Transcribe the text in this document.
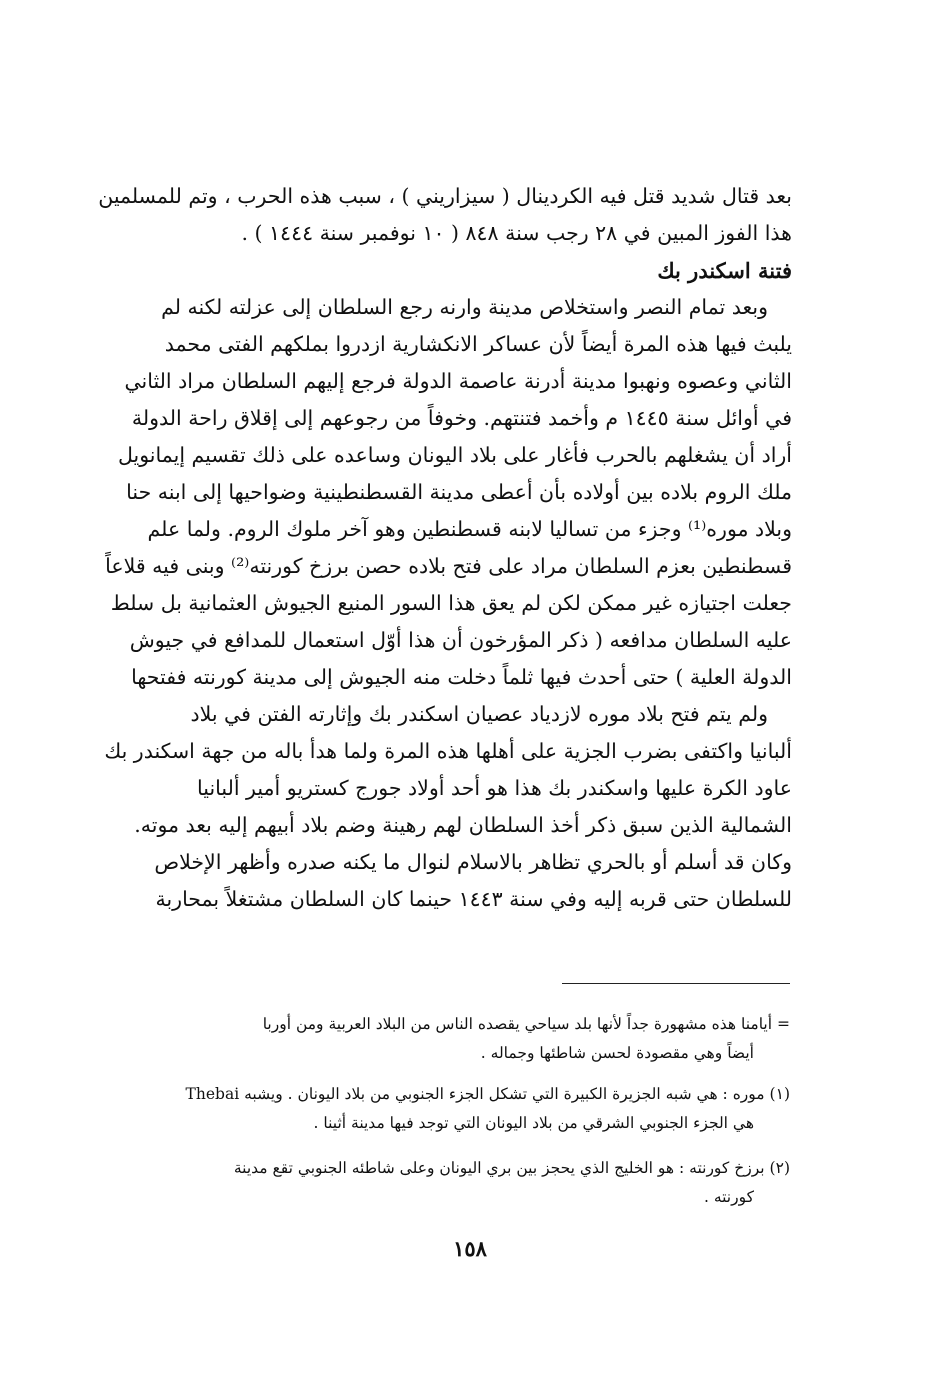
بعد قتال شديد قتل فيه الكردينال ( سيزاريني ) ، سبب هذه الحرب ، وتم للمسلمين
هذا الفوز المبين في ٢٨ رجب سنة ٨٤٨ ( ١٠ نوفمبر سنة ١٤٤٤ ) .
فتنة اسكندر بك
وبعد تمام النصر واستخلاص مدينة وارنه رجع السلطان إلى عزلته لكنه لم
يلبث فيها هذه المرة أيضاً لأن عساكر الانكشارية ازدروا بملكهم الفتى محمد
الثاني وعصوه ونهبوا مدينة أدرنة عاصمة الدولة فرجع إليهم السلطان مراد الثاني
في أوائل سنة ١٤٤٥ م وأخمد فتنتهم. وخوفاً من رجوعهم إلى إقلاق راحة الدولة
أراد أن يشغلهم بالحرب فأغار على بلاد اليونان وساعده على ذلك تقسيم إيمانويل
ملك الروم بلاده بين أولاده بأن أعطى مدينة القسطنطينية وضواحيها إلى ابنه حنا
وبلاد موره⁽¹⁾ وجزء من تساليا لابنه قسطنطين وهو آخر ملوك الروم. ولما علم
قسطنطين بعزم السلطان مراد على فتح بلاده حصن برزخ كورنته⁽²⁾ وبنى فيه قلاعاً
جعلت اجتيازه غير ممكن لكن لم يعق هذا السور المنيع الجيوش العثمانية بل سلط
عليه السلطان مدافعه ( ذكر المؤرخون أن هذا أوّل استعمال للمدافع في جيوش
الدولة العلية ) حتى أحدث فيها ثلماً دخلت منه الجيوش إلى مدينة كورنته ففتحها
ولم يتم فتح بلاد موره لازدياد عصيان اسكندر بك وإثارته الفتن في بلاد
ألبانيا واكتفى بضرب الجزية على أهلها هذه المرة ولما هدأ باله من جهة اسكندر بك
عاود الكرة عليها واسكندر بك هذا هو أحد أولاد جورج كستريو أمير ألبانيا
الشمالية الذين سبق ذكر أخذ السلطان لهم رهينة وضم بلاد أبيهم إليه بعد موته.
وكان قد أسلم أو بالحري تظاهر بالاسلام لنوال ما يكنه صدره وأظهر الإخلاص
للسلطان حتى قربه إليه وفي سنة ١٤٤٣ حينما كان السلطان مشتغلاً بمحاربة
= أيامنا هذه مشهورة جداً لأنها بلد سياحي يقصده الناس من البلاد العربية ومن أوربا
أيضاً وهي مقصودة لحسن شاطئها وجماله .
(١) موره : هي شبه الجزيرة الكبيرة التي تشكل الجزء الجنوبي من بلاد اليونان . ويشبه Thebai
هي الجزء الجنوبي الشرقي من بلاد اليونان التي توجد فيها مدينة أثينا .
(٢) برزخ كورنته : هو الخليج الذي يحجز بين بري اليونان وعلى شاطئه الجنوبي تقع مدينة
كورنته .
١٥٨
